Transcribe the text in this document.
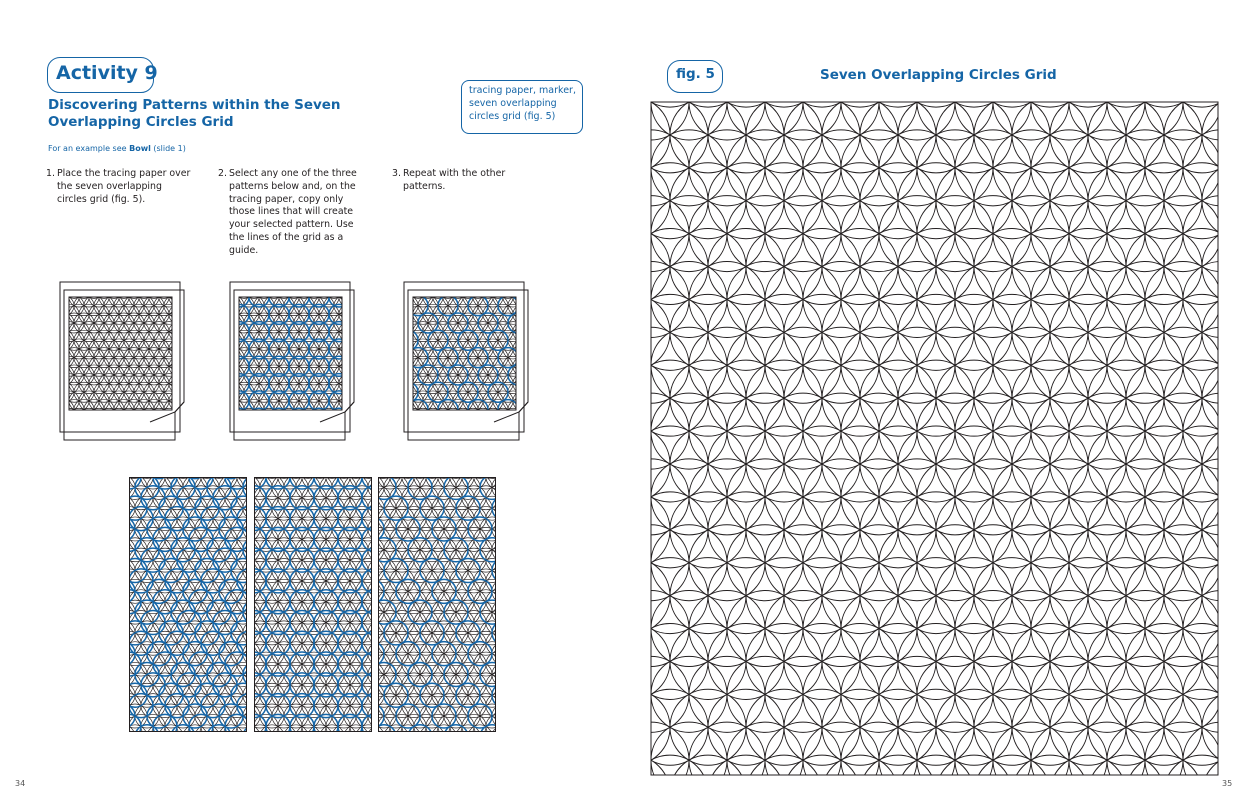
Activity 9
Discovering Patterns within the Seven
Overlapping Circles Grid
For an example see Bowl (slide 1)
tracing paper, marker,
seven overlapping
circles grid (fig. 5)
1. Place the tracing paper over
the seven overlapping
circles grid (fig. 5).
2. Select any one of the three
patterns below and, on the
tracing paper, copy only
those lines that will create
your selected pattern. Use
the lines of the grid as a
guide.
3. Repeat with the other
patterns.
34
fig. 5	Seven Overlapping Circles Grid
35
